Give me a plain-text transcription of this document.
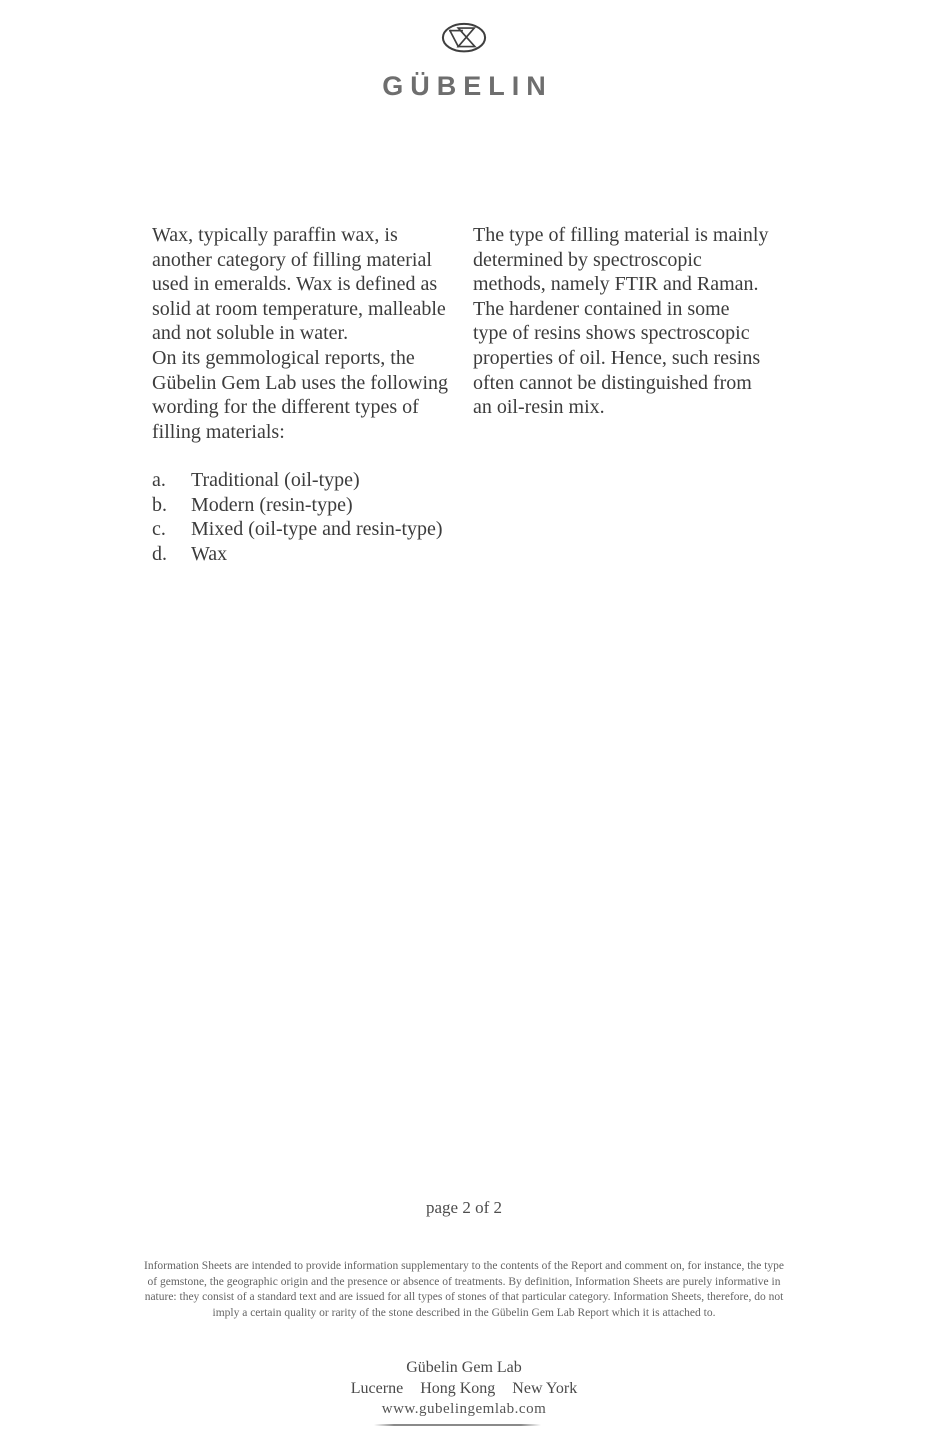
GÜBELIN
Wax, typically paraffin wax, is
another category of filling material
used in emeralds. Wax is defined as
solid at room temperature, malleable
and not soluble in water.
On its gemmological reports, the
Gübelin Gem Lab uses the following
wording for the different types of
filling materials:
The type of filling material is mainly
determined by spectroscopic
methods, namely FTIR and Raman.
The hardener contained in some
type of resins shows spectroscopic
properties of oil. Hence, such resins
often cannot be distinguished from
an oil-resin mix.
a.	Traditional (oil-type)
b.	Modern (resin-type)
c.	Mixed (oil-type and resin-type)
d.	Wax
page 2 of 2
Information Sheets are intended to provide information supplementary to the contents of the Report and comment on, for instance, the type
of gemstone, the geographic origin and the presence or absence of treatments. By definition, Information Sheets are purely informative in
nature: they consist of a standard text and are issued for all types of stones of that particular category. Information Sheets, therefore, do not
imply a certain quality or rarity of the stone described in the Gübelin Gem Lab Report which it is attached to.
Gübelin Gem Lab
Lucerne Hong Kong New York
www.gubelingemlab.com
